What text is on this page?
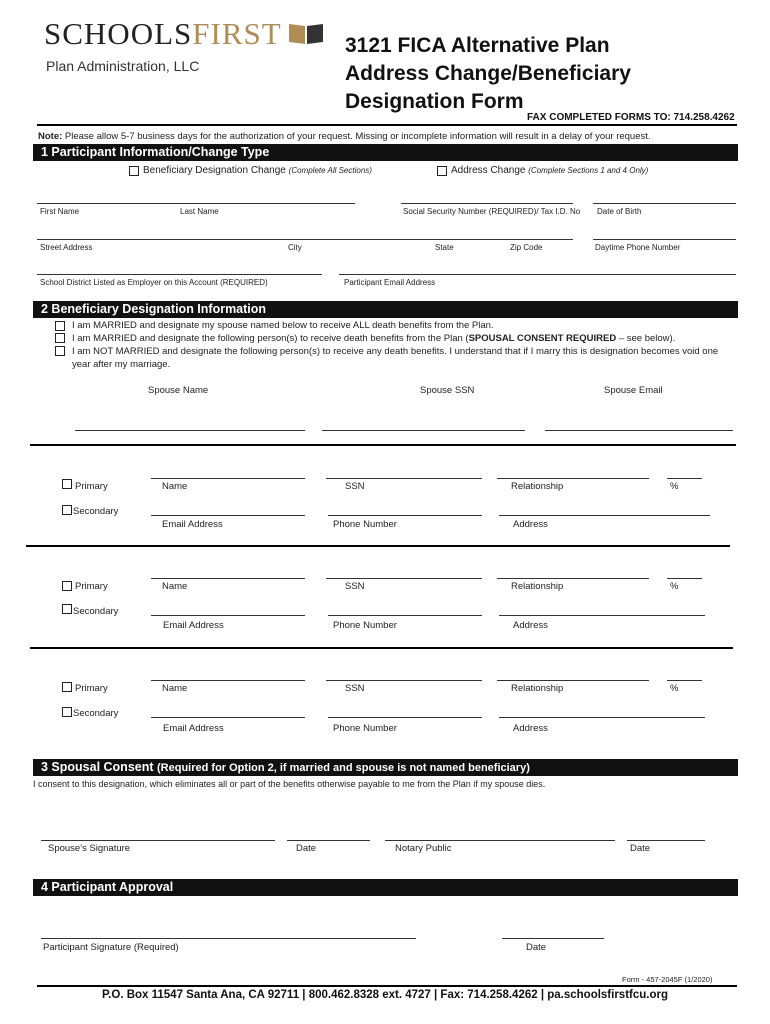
SCHOOLSFIRST
Plan Administration, LLC
3121 FICA Alternative Plan
Address Change/Beneficiary
Designation Form
FAX COMPLETED FORMS TO: 714.258.4262
Note: Please allow 5-7 business days for the authorization of your request. Missing or incomplete information will result in a delay of your request.
1 Participant Information/Change Type
Beneficiary Designation Change (Complete All Sections)	Address Change (Complete Sections 1 and 4 Only)
First Name	Last Name	Social Security Number (REQUIRED)/ Tax I.D. No Date of Birth
Street Address	City	State	Zip Code	Daytime Phone Number
School District Listed as Employer on this Account (REQUIRED)	Participant Email Address
2 Beneficiary Designation Information
I am MARRIED and designate my spouse named below to receive ALL death benefits from the Plan.
I am MARRIED and designate the following person(s) to receive death benefits from the Plan (SPOUSAL CONSENT REQUIRED – see below).
I am NOT MARRIED and designate the following person(s) to receive any death benefits. I understand that if I marry this is designation becomes void one year after my marriage.
Spouse Name	Spouse SSN	Spouse Email
Primary	Name	SSN	Relationship	%
Secondary
Email Address	Phone Number	Address
Primary	Name	SSN	Relationship	%
Secondary
Email Address	Phone Number	Address
Primary	Name	SSN	Relationship	%
Secondary
Email Address	Phone Number	Address
3 Spousal Consent (Required for Option 2, if married and spouse is not named beneficiary)
I consent to this designation, which eliminates all or part of the benefits otherwise payable to me from the Plan if my spouse dies.
Spouse's Signature	Date	Notary Public	Date
4 Participant Approval
Participant Signature (Required)	Date
Form - 457-2045F (1/2020)
P.O. Box 11547 Santa Ana, CA 92711 | 800.462.8328 ext. 4727 | Fax: 714.258.4262 | pa.schoolsfirstfcu.org
